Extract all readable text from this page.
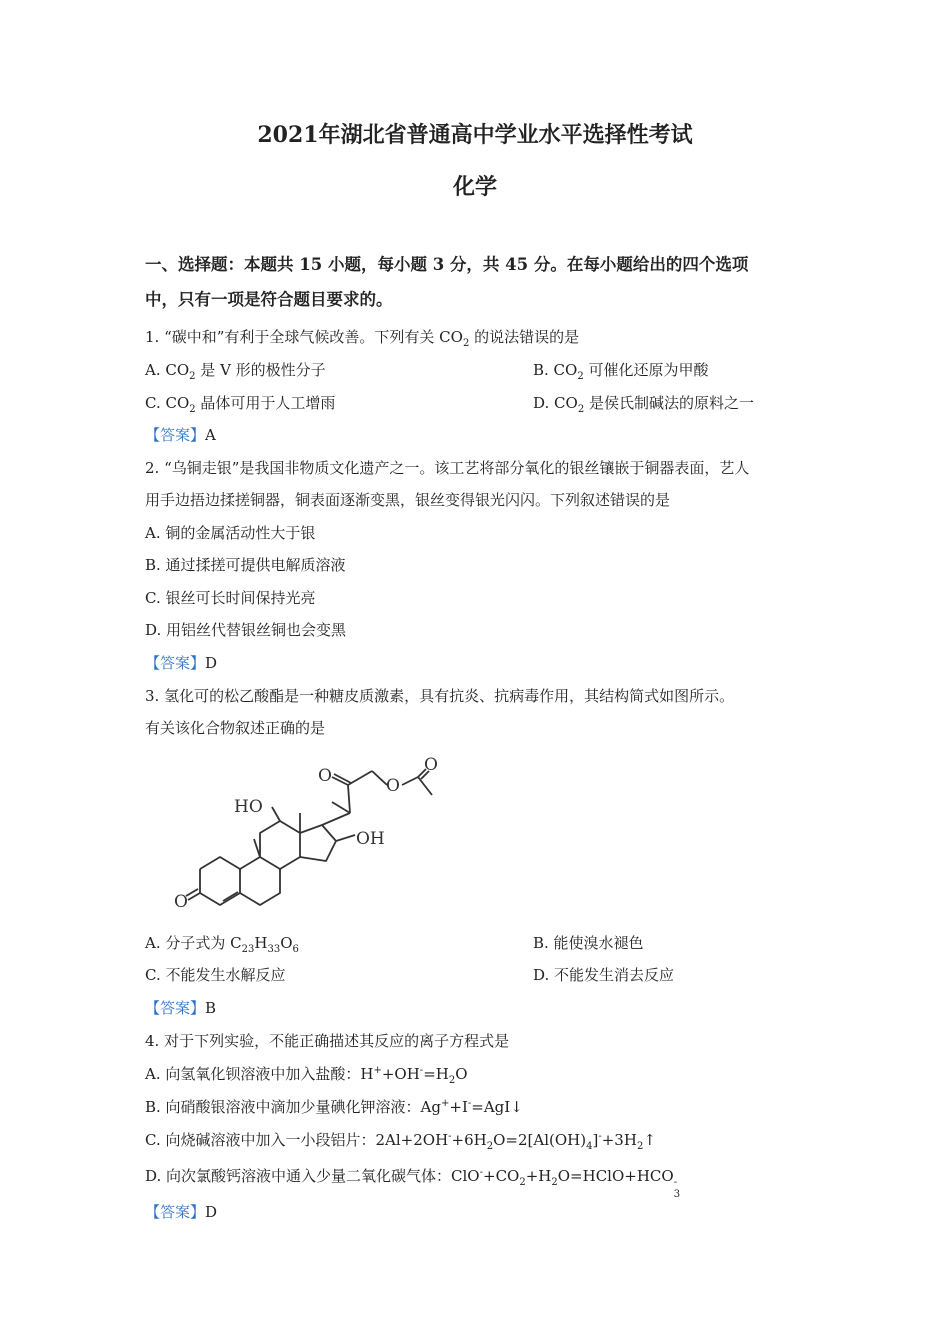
2021年湖北省普通高中学业水平选择性考试
化学
一、选择题：本题共 15 小题，每小题 3 分，共 45 分。在每小题给出的四个选项
中，只有一项是符合题目要求的。
1. “碳中和”有利于全球气候改善。下列有关 $CO_2$ 的说法错误的是
A. $CO_2$ 是 V 形的极性分子	B. $CO_2$ 可催化还原为甲酸
C. $CO_2$ 晶体可用于人工增雨	D. $CO_2$ 是侯氏制碱法的原料之一
【答案】A
2. “乌铜走银”是我国非物质文化遗产之一。该工艺将部分氧化的银丝镶嵌于铜器表面，艺人
用手边捂边揉搓铜器，铜表面逐渐变黑，银丝变得银光闪闪。下列叙述错误的是
A. 铜的金属活动性大于银
B. 通过揉搓可提供电解质溶液
C. 银丝可长时间保持光亮
D. 用铝丝代替银丝铜也会变黑
【答案】D
3. 氢化可的松乙酸酯是一种糖皮质激素，具有抗炎、抗病毒作用，其结构简式如图所示。
有关该化合物叙述正确的是
HO
OH
O
O	O
O
A. 分子式为 $C_{23}H_{33}O_6$	B. 能使溴水褪色
C. 不能发生水解反应	D. 不能发生消去反应
【答案】B
4. 对于下列实验，不能正确描述其反应的离子方程式是
A. 向氢氧化钡溶液中加入盐酸：$H^++OH^-=H_2O$
B. 向硝酸银溶液中滴加少量碘化钾溶液：Ag++I-=AgI↓
C. 向烧碱溶液中加入一小段铝片：$2Al+2OH^-+6H_2O=2[Al(OH)_4]^-+3H_2↑$
D. 向次氯酸钙溶液中通入少量二氧化碳气体：$ClO^-+CO_2+H_2O=HClO+HCO$
3
-
【答案】D
